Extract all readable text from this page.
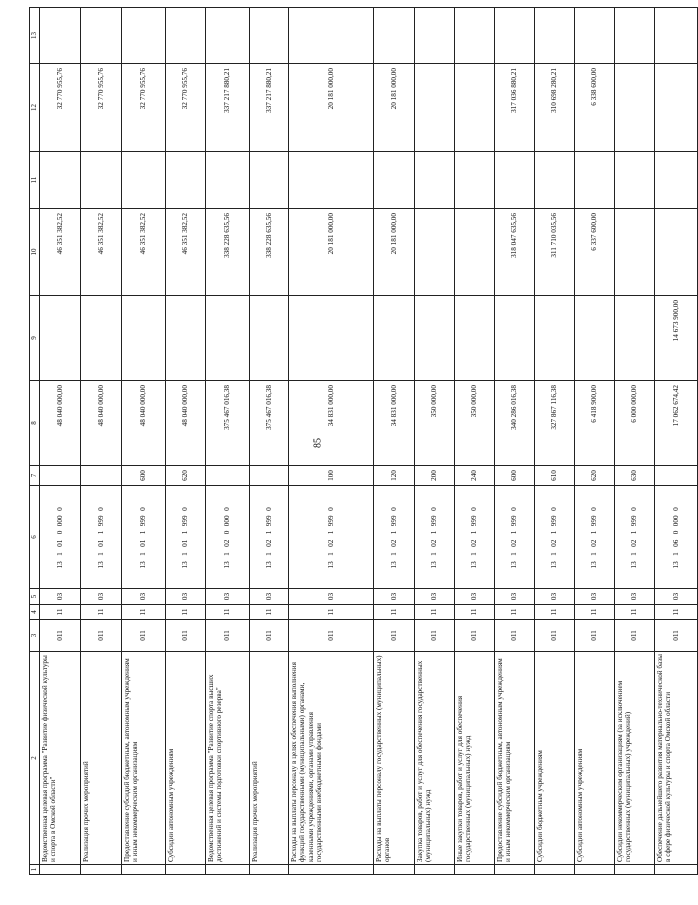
85
1	2	3	4	5	6	7	8	9	10	11	12	13
	Ведомственная целевая программа "Развитие физической культуры и спорта в Омской области"	011	11	03	13 1 01 0 000 0		48 040 000,00		46 351 382,52		32 770 955,76	
	Реализация прочих мероприятий	011	11	03	13 1 01 1 999 0		48 040 000,00		46 351 382,52		32 770 955,76	
	Предоставление субсидий бюджетным, автономным учреждениям и иным некоммерческим организациям	011	11	03	13 1 01 1 999 0	600	48 040 000,00		46 351 382,52		32 770 955,76	
	Субсидии автономным учреждениям	011	11	03	13 1 01 1 999 0	620	48 040 000,00		46 351 382,52		32 770 955,76	
	Ведомственная целевая программа "Развитие спорта высших достижений и системы подготовки спортивного резерва"	011	11	03	13 1 02 0 000 0		375 467 016,38		338 228 635,56		337 217 880,21	
	Реализация прочих мероприятий	011	11	03	13 1 02 1 999 0		375 467 016,38		338 228 635,56		337 217 880,21	
	Расходы на выплаты персоналу в целях обеспечения выполнения функций государственными (муниципальными) органами, казенными учреждениями, органами управления государственными внебюджетными фондами	011	11	03	13 1 02 1 999 0	100	34 831 000,00		20 181 000,00		20 181 000,00	
	Расходы на выплаты персоналу государственных (муниципальных) органов	011	11	03	13 1 02 1 999 0	120	34 831 000,00		20 181 000,00		20 181 000,00	
	Закупка товаров, работ и услуг для обеспечения государственных (муниципальных) нужд	011	11	03	13 1 02 1 999 0	200	350 000,00					
	Иные закупки товаров, работ и услуг для обеспечения государственных (муниципальных) нужд	011	11	03	13 1 02 1 999 0	240	350 000,00					
	Предоставление субсидий бюджетным, автономным учреждениям и иным некоммерческим организациям	011	11	03	13 1 02 1 999 0	600	340 286 016,38		318 047 635,56		317 036 880,21	
	Субсидии бюджетным учреждениям	011	11	03	13 1 02 1 999 0	610	327 867 116,38		311 710 035,56		310 698 280,21	
	Субсидии автономным учреждениям	011	11	03	13 1 02 1 999 0	620	6 418 900,00		6 337 600,00		6 338 600,00	
	Субсидии некоммерческим организациям (за исключением государственных (муниципальных) учреждений)	011	11	03	13 1 02 1 999 0	630	6 000 000,00					
	Обеспечение дальнейшего развития материально-технической базы в сфере физической культуры и спорта Омской области	011	11	03	13 1 06 0 000 0		17 062 674,42	14 673 900,00				
